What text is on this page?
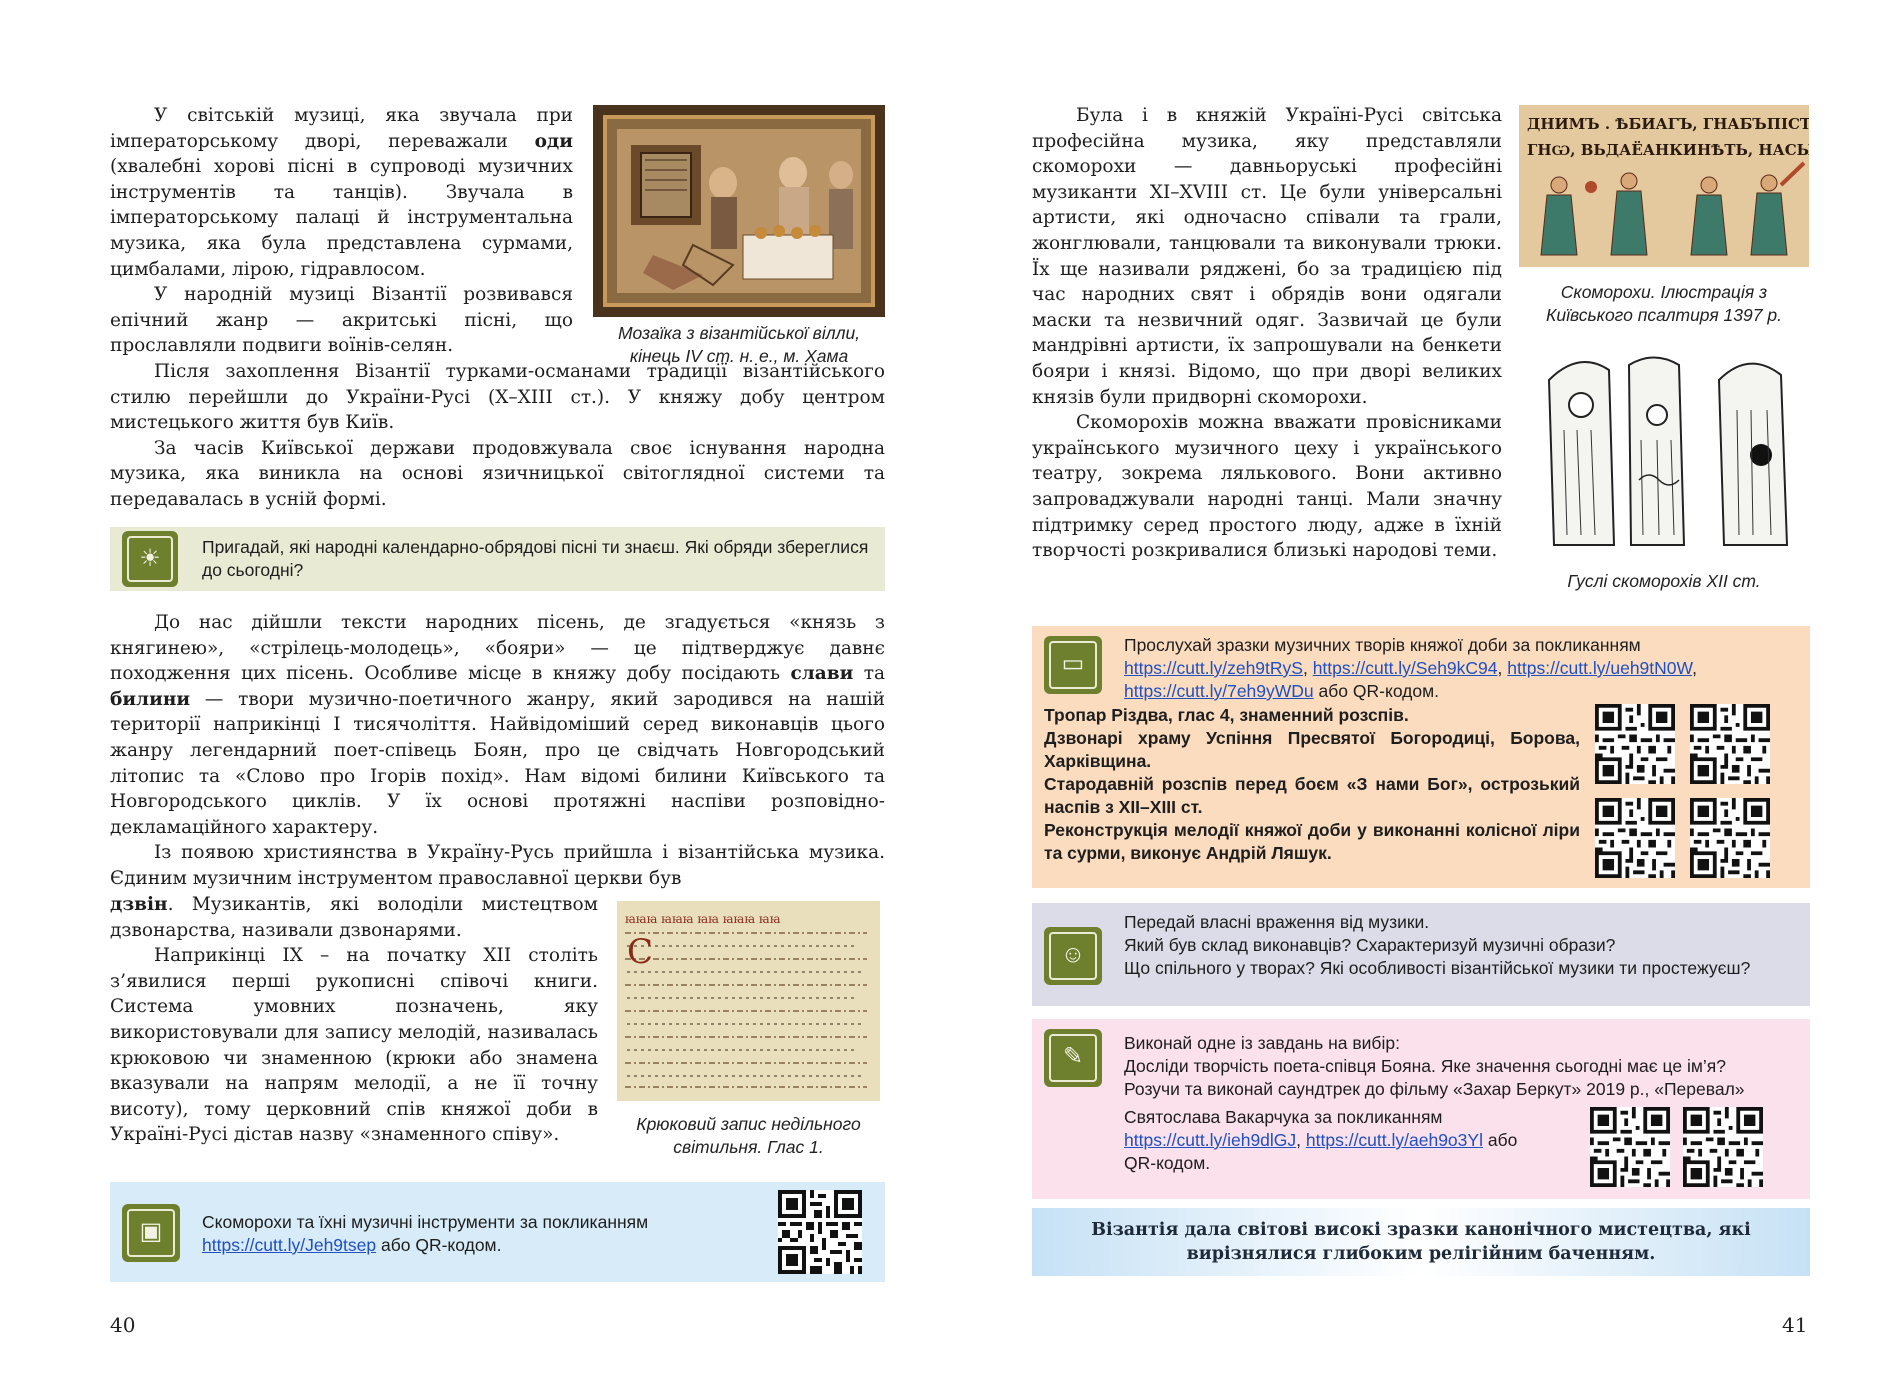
Мозаїка з візантійської вілли, кінець IV ст. н. е., м. Хама

У світській музиці, яка звучала при імператорському дворі, переважали оди (хвалебні хорові пісні в супроводі музичних інструментів та танців). Звучала в імператорському палаці й інструментальна музика, яка була представлена сурмами, цимбалами, лірою, гідравлосом.

У народній музиці Візантії розвивався епічний жанр — акритські пісні, що прославляли подвиги воїнів-селян.

Після захоплення Візантії турками-османами традиції візантійського стилю перейшли до України-Русі (Х–ХІІІ ст.). У княжу добу центром мистецького життя був Київ.

За часів Київської держави продовжувала своє існування народна музика, яка виникла на основі язичницької світоглядної системи та передавалась в усній формі.

☀	Пригадай, які народні календарно-обрядові пісні ти знаєш. Які обряди збереглися до сьогодні?

До нас дійшли тексти народних пісень, де згадується «князь з княгинею», «стрілець-молодець», «бояри» — це підтверджує давнє походження цих пісень. Особливе місце в княжу добу посідають слави та билини — твори музично-поетичного жанру, який зародився на нашій території наприкінці І тисячоліття. Найвідоміший серед виконавців цього жанру легендарний поет-співець Боян, про це свідчать Новгородський літопис та «Слово про Ігорів похід». Нам відомі билини Київського та Новгородського циклів. У їх основі протяжні наспіви розповідно-декламаційного характеру.

Із появою християнства в Україну-Русь прийшла і візантійська музика. Єдиним музичним інструментом православної церкви був

ꙗꙗꙗ ꙗꙗꙗ ꙗꙗ ꙗꙗꙗ ꙗꙗ
С
Крюковий запис недільного світильня. Глас 1.

дзвін. Музикантів, які володіли мистецтвом дзвонарства, називали дзвонарями.

Наприкінці ІХ – на початку ХІІ століть з’явилися перші рукописні співочі книги. Система умовних позначень, яку використовували для запису мелодій, називалась крюковою чи знаменною (крюки або знамена вказували на напрям мелодії, а не її точну висоту), тому церковний спів княжої доби в Україні-Русі дістав назву «знаменного співу».

▣	Скоморохи та їхні музичні інструменти за покликанням
https://cutt.ly/Jeh9tsep або QR-кодом.
40
ДНИМЪ . ѢБИАГЪ, ГНАБЪПІСТІ
ГНѠ, ВЬДАЁАНКИНѢТЬ, НАСЫ
Скоморохи. Ілюстрація з Київського псалтиря 1397 р.
Гуслі скоморохів ХІІ ст.

Була і в княжій Україні-Русі світська професійна музика, яку представляли скоморохи — давньоруські професійні музиканти ХІ–ХVІІІ ст. Це були універсальні артисти, які одночасно співали та грали, жонглювали, танцювали та виконували трюки. Їх ще називали ряджені, бо за традицією під час народних свят і обрядів вони одягали маски та незвичний одяг. Зазвичай це були мандрівні артисти, їх запрошували на бенкети бояри і князі. Відомо, що при дворі великих князів були придворні скоморохи.

Скоморохів можна вважати провісниками українського музичного цеху і українського театру, зокрема лялькового. Вони активно запроваджували народні танці. Мали значну підтримку серед простого люду, адже в їхній творчості розкривалися близькі народові теми.

▭
Прослухай зразки музичних творів княжої доби за покликанням
https://cutt.ly/zeh9tRyS, https://cutt.ly/Seh9kC94, https://cutt.ly/ueh9tN0W,
https://cutt.ly/7eh9yWDu або QR-кодом.
Тропар Різдва, глас 4, знаменний розспів.
Дзвонарі храму Успіння Пресвятої Богородиці, Борова, Харківщина.
Стародавній розспів перед боєм «З нами Бог», острозький наспів з ХІІ–ХІІІ ст.
Реконструкція мелодії княжої доби у виконанні колісної ліри та сурми, виконує Андрій Ляшук.
☺
Передай власні враження від музики.
Який був склад виконавців? Схарактеризуй музичні образи?
Що спільного у творах? Які особливості візантійської музики ти простежуєш?
✎	Виконай одне із завдань на вибір:
Досліди творчість поета-співця Бояна. Яке значення сьогодні має це ім’я?
Розучи та виконай саундтрек до фільму «Захар Беркут» 2019 р., «Перевал»
Святослава Вакарчука за покликанням
https://cutt.ly/ieh9dlGJ, https://cutt.ly/aeh9o3Yl або
QR-кодом.
Візантія дала світові високі зразки канонічного мистецтва, які вирізнялися глибоким релігійним баченням.
41
